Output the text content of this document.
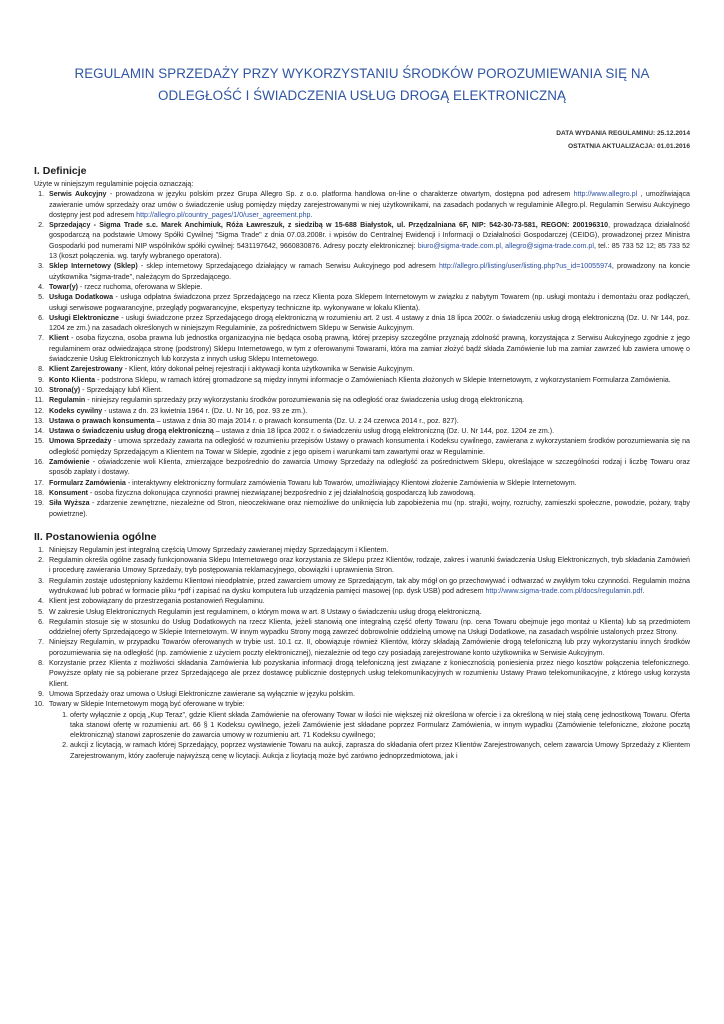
REGULAMIN SPRZEDAŻY PRZY WYKORZYSTANIU ŚRODKÓW POROZUMIEWANIA SIĘ NA
ODLEGŁOŚĆ I ŚWIADCZENIA USŁUG DROGĄ ELEKTRONICZNĄ
DATA WYDANIA REGULAMINU: 25.12.2014
OSTATNIA AKTUALIZACJA: 01.01.2016
I. Definicje

Użyte w niniejszym regulaminie pojęcia oznaczają:

1. Serwis Aukcyjny - prowadzona w języku polskim przez Grupa Allegro Sp. z o.o. platforma handlowa on-line o charakterze otwartym, dostępna pod adresem http://www.allegro.pl , umożliwiająca zawieranie umów sprzedaży oraz umów o świadczenie usług pomiędzy między zarejestrowanymi w niej użytkownikami, na zasadach podanych w regulaminie Allegro.pl. Regulamin Serwisu Aukcyjnego dostępny jest pod adresem http://allegro.pl/country_pages/1/0/user_agreement.php.
2. Sprzedający - Sigma Trade s.c. Marek Anchimiuk, Róża Ławreszuk, z siedzibą w 15-688 Białystok, ul. Przędzalniana 6F, NIP: 542-30-73-581, REGON: 200196310, prowadząca działalność gospodarczą na podstawie Umowy Spółki Cywilnej "Sigma Trade" z dnia 07.03.2008r. i wpisów do Centralnej Ewidencji i Informacji o Działalności Gospodarczej (CEIDG), prowadzonej przez Ministra Gospodarki pod numerami NIP wspólników spółki cywilnej: 5431197642, 9660830876. Adresy poczty elektronicznej: biuro@sigma-trade.com.pl, allegro@sigma-trade.com.pl, tel.: 85 733 52 12; 85 733 52 13 (koszt połączenia. wg. taryfy wybranego operatora).
3. Sklep Internetowy (Sklep) - sklep internetowy Sprzedającego działający w ramach Serwisu Aukcyjnego pod adresem http://allegro.pl/listing/user/listing.php?us_id=10055974, prowadzony na koncie użytkownika "sigma-trade", należącym do Sprzedającego.
4. Towar(y) - rzecz ruchoma, oferowana w Sklepie.
5. Usługa Dodatkowa - usługa odpłatna świadczona przez Sprzedającego na rzecz Klienta poza Sklepem Internetowym w związku z nabytym Towarem (np. usługi montażu i demontażu oraz podłączeń, usługi serwisowe pogwarancyjne, przeglądy pogwarancyjne, ekspertyzy techniczne itp. wykonywane w lokalu Klienta).
6. Usługi Elektroniczne - usługi świadczone przez Sprzedającego drogą elektroniczną w rozumieniu art. 2 ust. 4 ustawy z dnia 18 lipca 2002r. o świadczeniu usług drogą elektroniczną (Dz. U. Nr 144, poz. 1204 ze zm.) na zasadach określonych w niniejszym Regulaminie, za pośrednictwem Sklepu w Serwisie Aukcyjnym.
7. Klient - osoba fizyczna, osoba prawna lub jednostka organizacyjna nie będąca osobą prawną, której przepisy szczególne przyznają zdolność prawną, korzystająca z Serwisu Aukcyjnego zgodnie z jego regulaminem oraz odwiedzająca stronę (podstrony) Sklepu Internetowego, w tym z oferowanymi Towarami, która ma zamiar złożyć bądź składa Zamówienie lub ma zamiar zawrzeć lub zawiera umowę o świadczenie Usług Elektronicznych lub korzysta z innych usług Sklepu Internetowego.
8. Klient Zarejestrowany - Klient, który dokonał pełnej rejestracji i aktywacji konta użytkownika w Serwisie Aukcyjnym.
9. Konto Klienta - podstrona Sklepu, w ramach której gromadzone są między innymi informacje o Zamówieniach Klienta złożonych w Sklepie Internetowym, z wykorzystaniem Formularza Zamówienia.
10. Strona(y) - Sprzedający lub/i Klient.
11. Regulamin - niniejszy regulamin sprzedaży przy wykorzystaniu środków porozumiewania się na odległość oraz świadczenia usług drogą elektroniczną.
12. Kodeks cywilny - ustawa z dn. 23 kwietnia 1964 r. (Dz. U. Nr 16, poz. 93 ze zm.).
13. Ustawa o prawach konsumenta – ustawa z dnia 30 maja 2014 r. o prawach konsumenta (Dz. U. z 24 czerwca 2014 r., poz. 827).
14. Ustawa o świadczeniu usług drogą elektroniczną – ustawa z dnia 18 lipca 2002 r. o świadczeniu usług drogą elektroniczną (Dz. U. Nr 144, poz. 1204 ze zm.).
15. Umowa Sprzedaży - umowa sprzedaży zawarta na odległość w rozumieniu przepisów Ustawy o prawach konsumenta i Kodeksu cywilnego, zawierana z wykorzystaniem środków porozumiewania się na odległość pomiędzy Sprzedającym a Klientem na Towar w Sklepie, zgodnie z jego opisem i warunkami tam zawartymi oraz w Regulaminie.
16. Zamówienie - oświadczenie woli Klienta, zmierzające bezpośrednio do zawarcia Umowy Sprzedaży na odległość za pośrednictwem Sklepu, określające w szczególności rodzaj i liczbę Towaru oraz sposób zapłaty i dostawy.
17. Formularz Zamówienia - interaktywny elektroniczny formularz zamówienia Towaru lub Towarów, umożliwiający Klientowi złożenie Zamówienia w Sklepie Internetowym.
18. Konsument - osoba fizyczna dokonująca czynności prawnej niezwiązanej bezpośrednio z jej działalnością gospodarczą lub zawodową.
19. Siła Wyższa - zdarzenie zewnętrzne, niezależne od Stron, nieoczekiwane oraz niemożliwe do uniknięcia lub zapobieżenia mu (np. strajki, wojny, rozruchy, zamieszki społeczne, powodzie, pożary, trąby powietrzne).
II. Postanowienia ogólne
1. Niniejszy Regulamin jest integralną częścią Umowy Sprzedaży zawieranej między Sprzedającym i Klientem.
2. Regulamin określa ogólne zasady funkcjonowania Sklepu Internetowego oraz korzystania ze Sklepu przez Klientów, rodzaje, zakres i warunki świadczenia Usług Elektronicznych, tryb składania Zamówień i procedurę zawierania Umowy Sprzedaży, tryb postępowania reklamacyjnego, obowiązki i uprawnienia Stron.
3. Regulamin zostaje udostępniony każdemu Klientowi nieodpłatnie, przed zawarciem umowy ze Sprzedającym, tak aby mógł on go przechowywać i odtwarzać w zwykłym toku czynności. Regulamin można wydrukować lub pobrać w formacie pliku *pdf i zapisać na dysku komputera lub urządzenia pamięci masowej (np. dysk USB) pod adresem http://www.sigma-trade.com.pl/docs/regulamin.pdf.
4. Klient jest zobowiązany do przestrzegania postanowień Regulaminu.
5. W zakresie Usług Elektronicznych Regulamin jest regulaminem, o którym mowa w art. 8 Ustawy o świadczeniu usług drogą elektroniczną.
6. Regulamin stosuje się w stosunku do Usług Dodatkowych na rzecz Klienta, jeżeli stanowią one integralną część oferty Towaru (np. cena Towaru obejmuje jego montaż u Klienta) lub są przedmiotem oddzielnej oferty Sprzedającego w Sklepie Internetowym. W innym wypadku Strony mogą zawrzeć dobrowolnie oddzielną umowę na Usługi Dodatkowe, na zasadach wspólnie ustalonych przez Strony.
7. Niniejszy Regulamin, w przypadku Towarów oferowanych w trybie ust. 10.1 cz. II, obowiązuje również Klientów, którzy składają Zamówienie drogą telefoniczną lub przy wykorzystaniu innych środków porozumiewania się na odległość (np. zamówienie z użyciem poczty elektronicznej), niezależnie od tego czy posiadają zarejestrowane konto użytkownika w Serwisie Aukcyjnym.
8. Korzystanie przez Klienta z możliwości składania Zamówienia lub pozyskania informacji drogą telefoniczną jest związane z koniecznością poniesienia przez niego kosztów połączenia telefonicznego. Powyższe opłaty nie są pobierane przez Sprzedającego ale przez dostawcę publicznie dostępnych usług telekomunikacyjnych w rozumieniu Ustawy Prawo telekomunikacyjne, z którego usług korzysta Klient.
9. Umowa Sprzedaży oraz umowa o Usługi Elektroniczne zawierane są wyłącznie w języku polskim.
10. Towary w Sklepie Internetowym mogą być oferowane w trybie:
1. oferty wyłącznie z opcją „Kup Teraz”, gdzie Klient składa Zamówienie na oferowany Towar w ilości nie większej niż określona w ofercie i za określoną w niej stałą cenę jednostkową Towaru. Oferta taka stanowi ofertę w rozumieniu art. 66 § 1 Kodeksu cywilnego, jeżeli Zamówienie jest składane poprzez Formularz Zamówienia, w innym wypadku (Zamówienie telefoniczne, złożone pocztą elektroniczną) stanowi zaproszenie do zawarcia umowy w rozumieniu art. 71 Kodeksu cywilnego;
2. aukcji z licytacją, w ramach której Sprzedający, poprzez wystawienie Towaru na aukcji, zaprasza do składania ofert przez Klientów Zarejestrowanych, celem zawarcia Umowy Sprzedaży z Klientem Zarejestrowanym, który zaoferuje najwyższą cenę w licytacji. Aukcja z licytacją może być zarówno jednoprzedmiotowa, jak i
